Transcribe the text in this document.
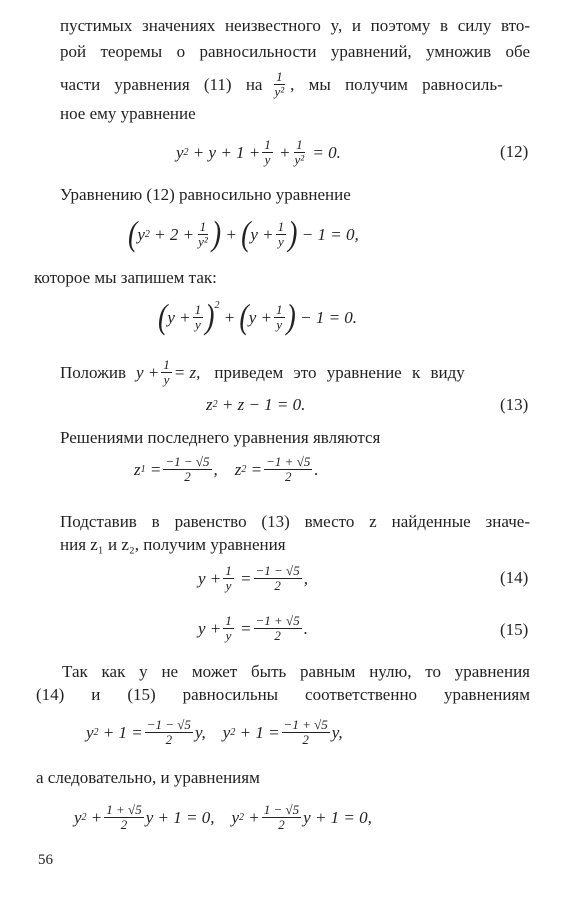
пустимых значениях неизвестного y, и поэтому в силу вто-
рой теоремы о равносильности уравнений, умножив обе
части уравнения (11) на $\frac{1}{\text{y²}}$ , мы получим равносиль-
ное ему уравнение
y $2 + y + 1 + \frac{1}{y} + \frac{1}{\text{y²}} = 0$.	(12)
Уравнению (12) равносильно уравнение
( y $2 + 2 + \frac{1}{\text{y²}}$ ) + ( $y + \frac{1}{y}$ ) − 1 = 0,
которое мы запишем так:
( $y + \frac{1}{y} )^2$
+ ( $y + \frac{1}{y}$ ) − 1 = 0.
Положив $y + \frac{1}{y} = z$, приведем это уравнение к виду
z 2 + z − 1 = 0.	(13)
Решениями последнего уравнения являются
z $1 = \frac{-1 - √5}{2}$ ,    z $2 = \frac{-1 + √5}{2}$ .
Подставив в равенство (13) вместо z найденные значе-
ния z₁ и z₂, получим уравнения
$y + \frac{1}{y} = \frac{-1 - √5}{2}$ ,	(14)
$y + \frac{1}{y} = \frac{-1 + √5}{2}$ .	(15)
Так как y не может быть равным нулю, то уравнения
(14) и (15) равносильны соответственно уравнениям
y $2 + 1 = \frac{-1 - √5}{2} y$,    y $2 + 1 = \frac{-1 + √5}{2} y$,
а следовательно, и уравнениям
y $2 + \frac{1 + √5}{2}$ y + 1 = 0,    y $2 + \frac{1 - √5}{2}$ y + 1 = 0,
56
